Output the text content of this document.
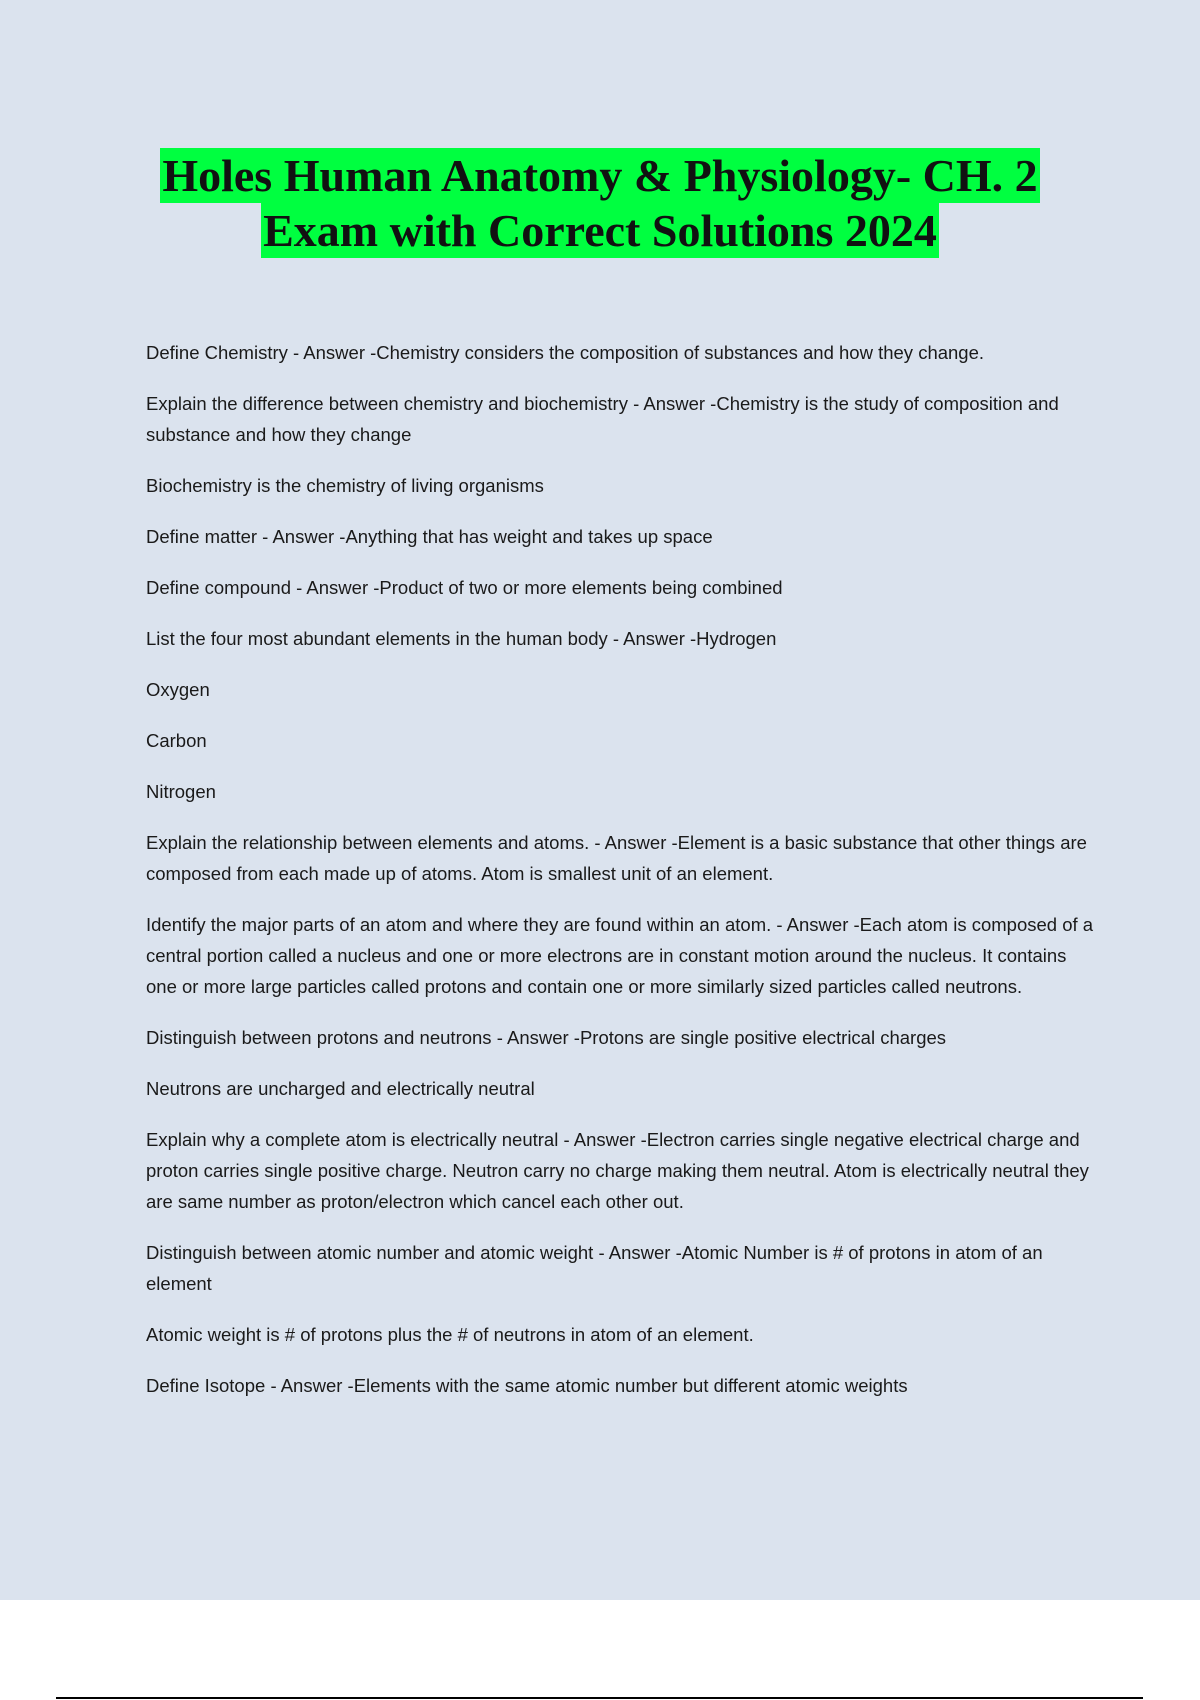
Holes Human Anatomy & Physiology- CH. 2
Exam with Correct Solutions 2024

Define Chemistry - Answer -Chemistry considers the composition of substances and how they change.

Explain the difference between chemistry and biochemistry - Answer -Chemistry is the study of composition and substance and how they change

Biochemistry is the chemistry of living organisms

Define matter - Answer -Anything that has weight and takes up space

Define compound - Answer -Product of two or more elements being combined

List the four most abundant elements in the human body - Answer -Hydrogen

Oxygen

Carbon

Nitrogen

Explain the relationship between elements and atoms. - Answer -Element is a basic substance that other things are composed from each made up of atoms. Atom is smallest unit of an element.

Identify the major parts of an atom and where they are found within an atom. - Answer -Each atom is composed of a central portion called a nucleus and one or more electrons are in constant motion around the nucleus. It contains one or more large particles called protons and contain one or more similarly sized particles called neutrons.

Distinguish between protons and neutrons - Answer -Protons are single positive electrical charges

Neutrons are uncharged and electrically neutral

Explain why a complete atom is electrically neutral - Answer -Electron carries single negative electrical charge and proton carries single positive charge. Neutron carry no charge making them neutral. Atom is electrically neutral they are same number as proton/electron which cancel each other out.

Distinguish between atomic number and atomic weight - Answer -Atomic Number is # of protons in atom of an element

Atomic weight is # of protons plus the # of neutrons in atom of an element.

Define Isotope - Answer -Elements with the same atomic number but different atomic weights
